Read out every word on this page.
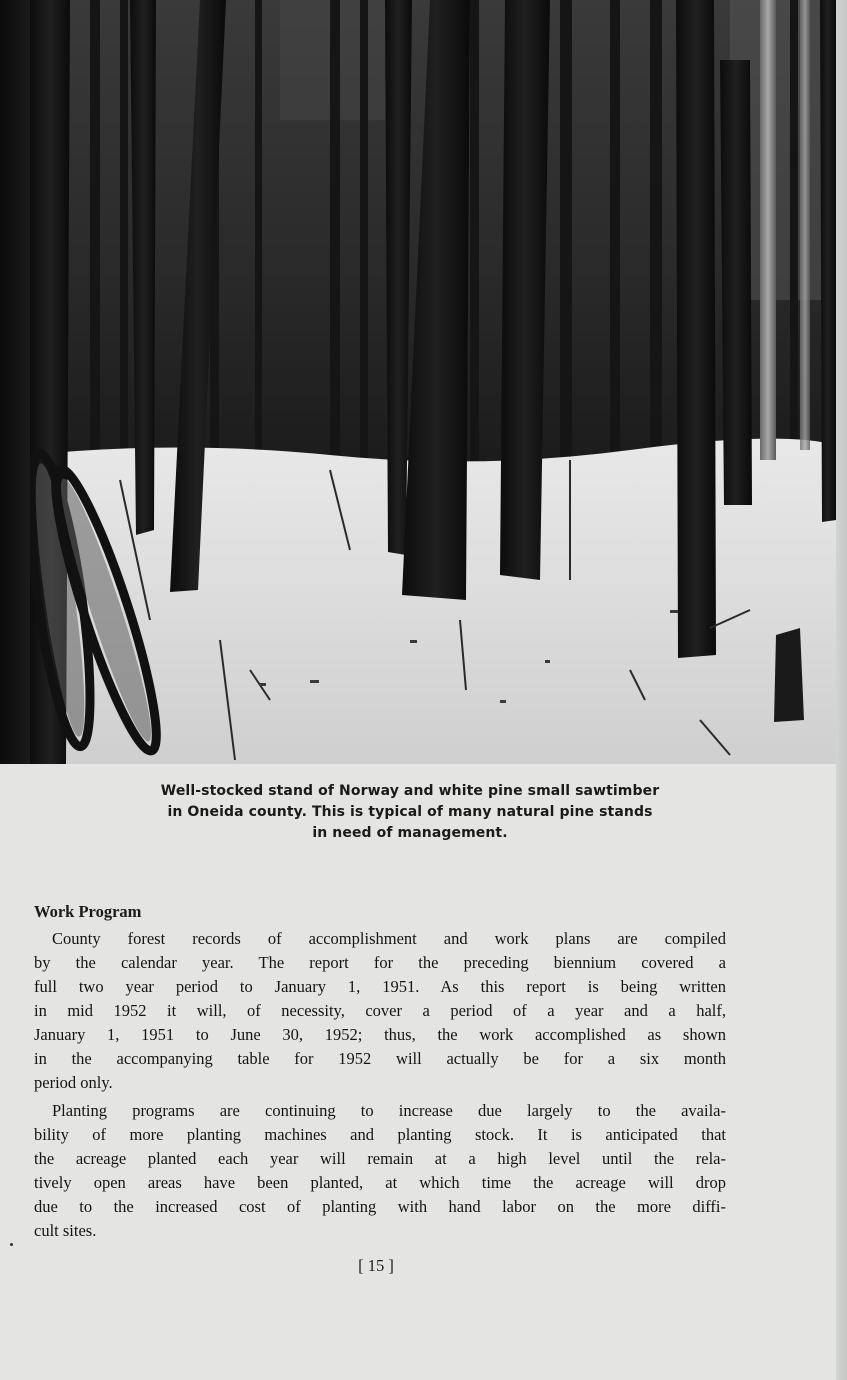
Well-stocked stand of Norway and white pine small sawtimber
in Oneida county. This is typical of many natural pine stands
in need of management.
Work Program
County forest records of accomplishment and work plans are compiled
by the calendar year. The report for the preceding biennium covered a
full two year period to January 1, 1951. As this report is being written
in mid 1952 it will, of necessity, cover a period of a year and a half,
January 1, 1951 to June 30, 1952; thus, the work accomplished as shown
in the accompanying table for 1952 will actually be for a six month
period only.
Planting programs are continuing to increase due largely to the availa-
bility of more planting machines and planting stock. It is anticipated that
the acreage planted each year will remain at a high level until the rela-
tively open areas have been planted, at which time the acreage will drop
due to the increased cost of planting with hand labor on the more diffi-
cult sites.
[ 15 ]
